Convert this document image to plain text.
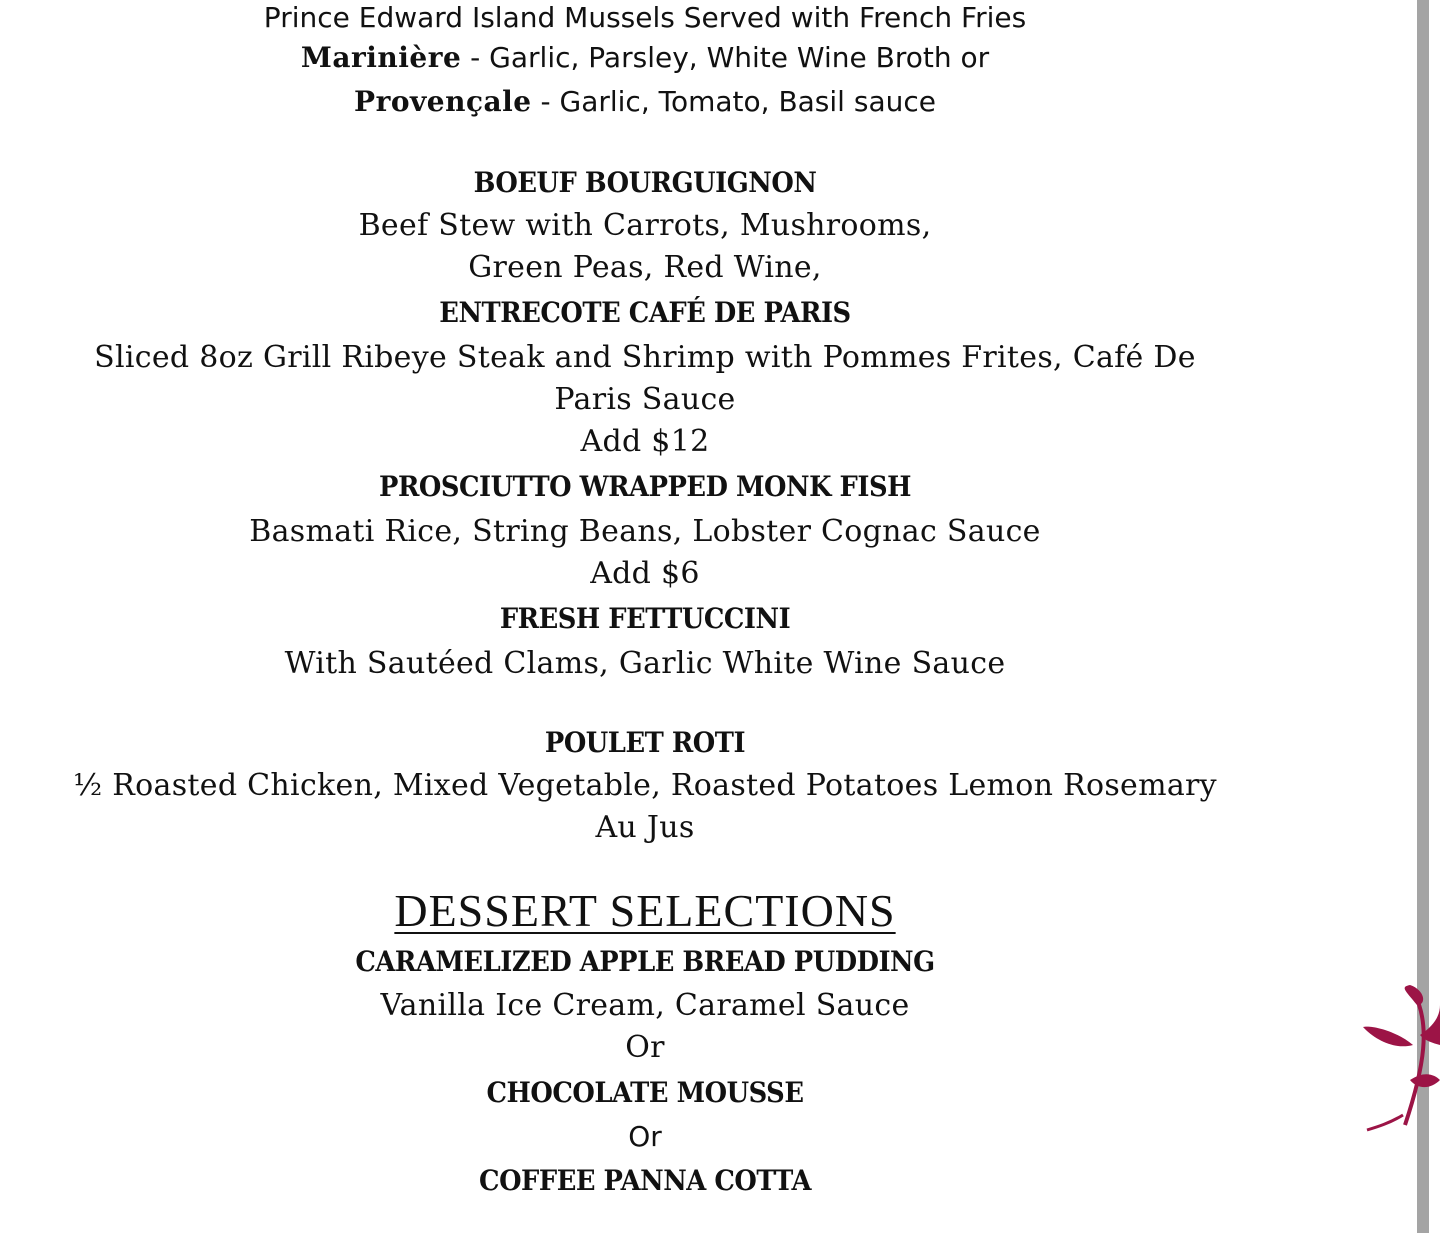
Prince Edward Island Mussels Served with French Fries
Marinière - Garlic, Parsley, White Wine Broth or
Provençale - Garlic, Tomato, Basil sauce
BOEUF BOURGUIGNON
Beef Stew with Carrots, Mushrooms,
Green Peas, Red Wine,
ENTRECOTE CAFÉ DE PARIS
Sliced 8oz Grill Ribeye Steak and Shrimp with Pommes Frites, Café De
Paris Sauce
Add $12
PROSCIUTTO WRAPPED MONK FISH
Basmati Rice, String Beans, Lobster Cognac Sauce
Add $6
FRESH FETTUCCINI
With Sautéed Clams, Garlic White Wine Sauce
POULET ROTI
½ Roasted Chicken, Mixed Vegetable, Roasted Potatoes Lemon Rosemary
Au Jus
DESSERT SELECTIONS
CARAMELIZED APPLE BREAD PUDDING
Vanilla Ice Cream, Caramel Sauce
Or
CHOCOLATE MOUSSE
Or
COFFEE PANNA COTTA
